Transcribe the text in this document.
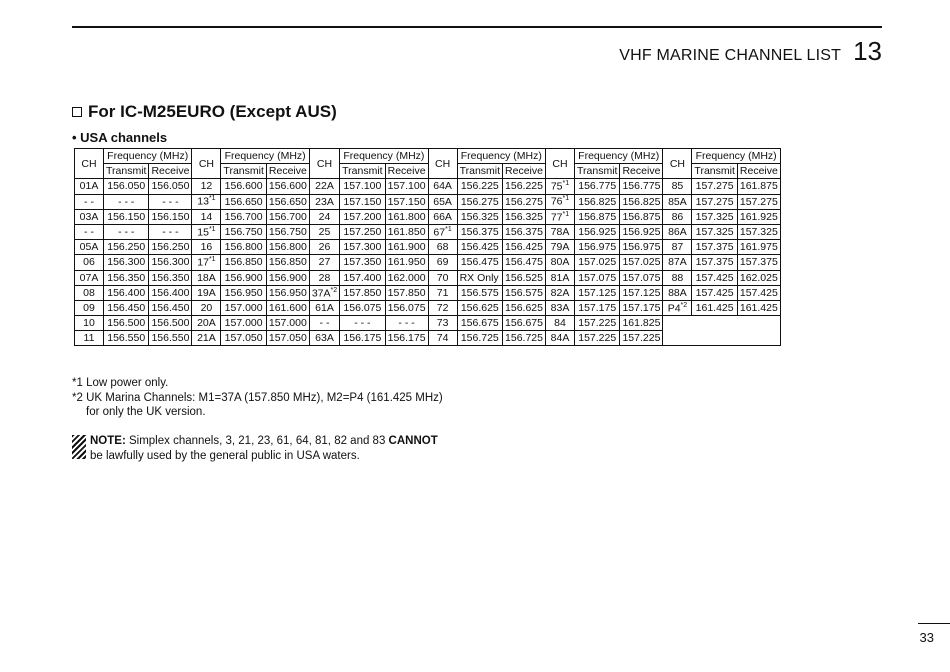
VHF MARINE CHANNEL LIST 13
For IC-M25EURO (Except AUS)
• USA channels
CH	Frequency (MHz)		CH	Frequency (MHz)		CH	Frequency (MHz)		CH	Frequency (MHz)		CH	Frequency (MHz)		CH	Frequency (MHz)	
	Transmit	Receive		Transmit	Receive		Transmit	Receive		Transmit	Receive		Transmit	Receive		Transmit	Receive
01A	156.050	156.050	12	156.600	156.600	22A	157.100	157.100	64A	156.225	156.225	75$^{*1}$	156.775	156.775	85	157.275	161.875
- -	- - -	- - -	13$^{*1}$	156.650	156.650	23A	157.150	157.150	65A	156.275	156.275	76$^{*1}$	156.825	156.825	85A	157.275	157.275
03A	156.150	156.150	14	156.700	156.700	24	157.200	161.800	66A	156.325	156.325	77$^{*1}$	156.875	156.875	86	157.325	161.925
- -	- - -	- - -	15$^{*1}$	156.750	156.750	25	157.250	161.850	67$^{*1}$	156.375	156.375	78A	156.925	156.925	86A	157.325	157.325
05A	156.250	156.250	16	156.800	156.800	26	157.300	161.900	68	156.425	156.425	79A	156.975	156.975	87	157.375	161.975
06	156.300	156.300	17$^{*1}$	156.850	156.850	27	157.350	161.950	69	156.475	156.475	80A	157.025	157.025	87A	157.375	157.375
07A	156.350	156.350	18A	156.900	156.900	28	157.400	162.000	70	RX Only	156.525	81A	157.075	157.075	88	157.425	162.025
08	156.400	156.400	19A	156.950	156.950	$37A^{*2}$	157.850	157.850	71	156.575	156.575	82A	157.125	157.125	88A	157.425	157.425
09	156.450	156.450	20	157.000	161.600	61A	156.075	156.075	72	156.625	156.625	83A	157.175	157.175	P4$^{*2}$	161.425	161.425
10	156.500	156.500	20A	157.000	157.000	- -	- - -	- - -	73	156.675	156.675	84	157.225	161.825			
11	156.550	156.550	21A	157.050	157.050	63A	156.175	156.175	74	156.725	156.725	84A	157.225	157.225			
*1 Low power only.
*2 UK Marina Channels: M1=37A (157.850 MHz), M2=P4 (161.425 MHz)
for only the UK version.
NOTE: Simplex channels, 3, 21, 23, 61, 64, 81, 82 and 83 CANNOT
be lawfully used by the general public in USA waters.
33
